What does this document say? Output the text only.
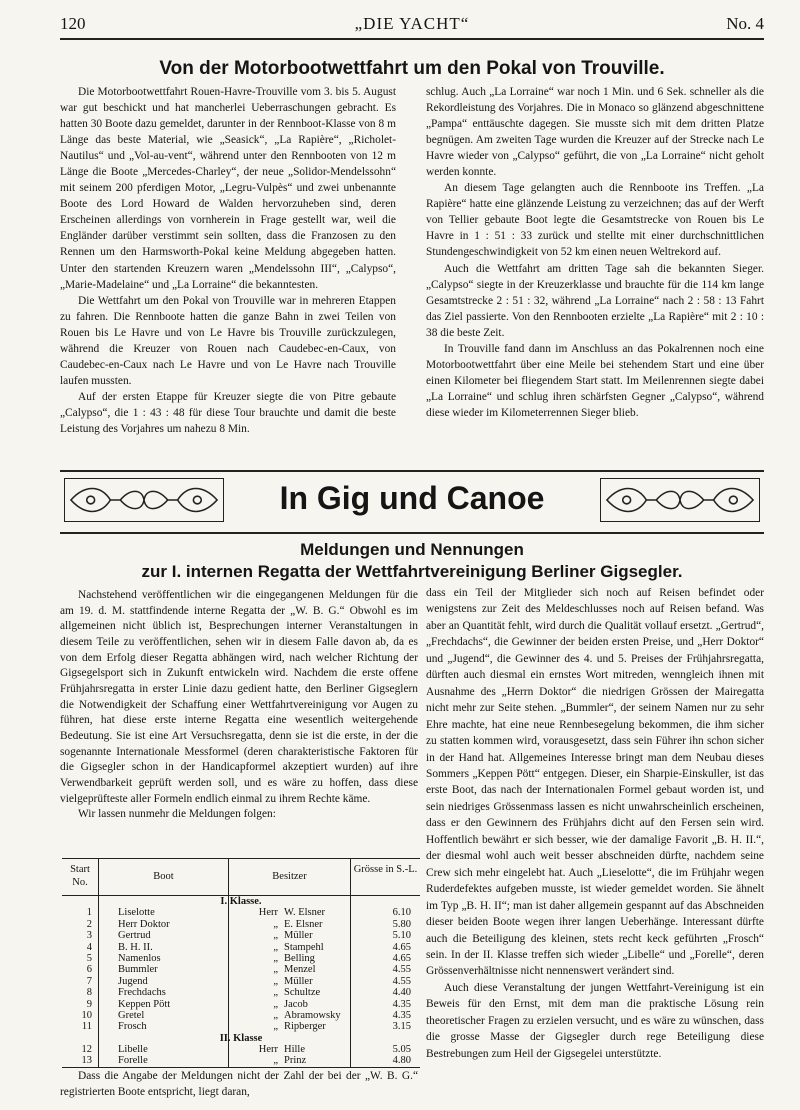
120	„DIE YACHT“	No. 4
Von der Motorbootwettfahrt um den Pokal von Trouville.

Die Motorbootwettfahrt Rouen-Havre-Trouville vom 3. bis 5. August war gut beschickt und hat mancherlei Ueberraschungen gebracht. Es hatten 30 Boote dazu gemeldet, darunter in der Rennboot-Klasse von 8 m Länge das beste Material, wie „Seasick“, „La Rapière“, „Richolet-Nautilus“ und „Vol-au-vent“, während unter den Rennbooten von 12 m Länge die Boote „Mercedes-Charley“, der neue „Solidor-Mendelssohn“ mit seinem 200 pferdigen Motor, „Legru-Vulpès“ und zwei unbenannte Boote des Lord Howard de Walden hervorzuheben sind, deren Erscheinen allerdings von vornherein in Frage gestellt war, weil die Engländer darüber verstimmt sein sollten, dass die Franzosen zu den Rennen um den Harmsworth-Pokal keine Meldung abgegeben hatten. Unter den startenden Kreuzern waren „Mendelssohn III“, „Calypso“, „Marie-Madelaine“ und „La Lorraine“ die bekanntesten.

Die Wettfahrt um den Pokal von Trouville war in mehreren Etappen zu fahren. Die Rennboote hatten die ganze Bahn in zwei Teilen von Rouen bis Le Havre und von Le Havre bis Trouville zurückzulegen, während die Kreuzer von Rouen nach Caudebec-en-Caux, von Caudebec-en-Caux nach Le Havre und von Le Havre nach Trouville laufen mussten.

Auf der ersten Etappe für Kreuzer siegte die von Pitre gebaute „Calypso“, die 1 : 43 : 48 für diese Tour brauchte und damit die beste Leistung des Vorjahres um nahezu 8 Min.

schlug. Auch „La Lorraine“ war noch 1 Min. und 6 Sek. schneller als die Rekordleistung des Vorjahres. Die in Monaco so glänzend abgeschnittene „Pampa“ enttäuschte dagegen. Sie musste sich mit dem dritten Platze begnügen. Am zweiten Tage wurden die Kreuzer auf der Strecke nach Le Havre wieder von „Calypso“ geführt, die von „La Lorraine“ nicht geholt werden konnte.

An diesem Tage gelangten auch die Rennboote ins Treffen. „La Rapière“ hatte eine glänzende Leistung zu verzeichnen; das auf der Werft von Tellier gebaute Boot legte die Gesamtstrecke von Rouen bis Le Havre in 1 : 51 : 33 zurück und stellte mit einer durchschnittlichen Stundengeschwindigkeit von 52 km einen neuen Weltrekord auf.

Auch die Wettfahrt am dritten Tage sah die bekannten Sieger. „Calypso“ siegte in der Kreuzerklasse und brauchte für die 114 km lange Gesamtstrecke 2 : 51 : 32, während „La Lorraine“ nach 2 : 58 : 13 Fahrt das Ziel passierte. Von den Rennbooten erzielte „La Rapière“ mit 2 : 10 : 38 die beste Zeit.

In Trouville fand dann im Anschluss an das Pokalrennen noch eine Motorbootwettfahrt über eine Meile bei stehendem Start und eine über einen Kilometer bei fliegendem Start statt. Im Meilenrennen siegte dabei „La Lorraine“ und schlug ihren schärfsten Gegner „Calypso“, während diese wieder im Kilometerrennen Sieger blieb.

In Gig und Canoe
Meldungen und Nennungen
zur I. internen Regatta der Wettfahrtvereinigung Berliner Gigsegler.

Nachstehend veröffentlichen wir die eingegangenen Meldungen für die am 19. d. M. stattfindende interne Regatta der „W. B. G.“ Obwohl es im allgemeinen nicht üblich ist, Besprechungen interner Veranstaltungen in diesem Teile zu veröffentlichen, sehen wir in diesem Falle davon ab, da es von dem Erfolg dieser Regatta abhängen wird, nach welcher Richtung der Gigsegelsport sich in Zukunft entwickeln wird. Nachdem die erste offene Frühjahrsregatta in erster Linie dazu gedient hatte, den Berliner Gigseglern die Notwendigkeit der Schaffung einer Wettfahrtvereinigung vor Augen zu führen, hat diese erste interne Regatta eine wesentlich weitergehende Bedeutung. Sie ist eine Art Versuchsregatta, denn sie ist die erste, in der die sogenannte Internationale Messformel (deren charakteristische Faktoren für die Gigsegler schon in der Handicapformel akzeptiert wurden) auf ihre Verwendbarkeit geprüft werden soll, und es wäre zu hoffen, dass diese vielgeprüfteste aller Formeln endlich einmal zu ihrem Rechte käme.

Wir lassen nunmehr die Meldungen folgen:

Start No.
Boot	Besitzer
Grösse in S.-L.
I. Klasse.
1 Liselotte	Herr W. Elsner	6.10
2 Herr Doktor	„ E. Elsner	5.80
3 Gertrud	„ Müller	5.10
4 B. H. II.	„ Stampehl	4.65
5 Namenlos	„ Belling	4.65
6 Bummler	„ Menzel	4.55
7 Jugend	„ Müller	4.55
8 Frechdachs	„ Schultze	4.40
9 Keppen Pött	„ Jacob	4.35
10 Gretel	„ Abramowsky	4.35
11 Frosch	„ Ripberger	3.15
II. Klasse
12 Libelle	Herr Hille	5.05
13 Forelle	„ Prinz	4.80

Dass die Angabe der Meldungen nicht der Zahl der bei der „W. B. G.“ registrierten Boote entspricht, liegt daran,

dass ein Teil der Mitglieder sich noch auf Reisen befindet oder wenigstens zur Zeit des Meldeschlusses noch auf Reisen befand. Was aber an Quantität fehlt, wird durch die Qualität vollauf ersetzt. „Gertrud“, „Frechdachs“, die Gewinner der beiden ersten Preise, und „Herr Doktor“ und „Jugend“, die Gewinner des 4. und 5. Preises der Frühjahrsregatta, dürften auch diesmal ein ernstes Wort mitreden, wenngleich ihnen mit Ausnahme des „Herrn Doktor“ die niedrigen Grössen der Mairegatta nicht mehr zur Seite stehen. „Bummler“, der seinem Namen nur zu sehr Ehre machte, hat eine neue Rennbesegelung bekommen, die ihm sicher zu statten kommen wird, vorausgesetzt, dass sein Führer ihn schon sicher in der Hand hat. Allgemeines Interesse bringt man dem Neubau dieses Sommers „Keppen Pött“ entgegen. Dieser, ein Sharpie-Einskuller, ist das erste Boot, das nach der Internationalen Formel gebaut worden ist, und sein niedriges Grössenmass lassen es nicht unwahrscheinlich erscheinen, dass er den Gewinnern des Frühjahrs dicht auf den Fersen sein wird. Hoffentlich bewährt er sich besser, wie der damalige Favorit „B. H. II.“, der diesmal wohl auch weit besser abschneiden dürfte, nachdem seine Crew sich mehr eingelebt hat. Auch „Lieselotte“, die im Frühjahr wegen Ruderdefektes aufgeben musste, ist wieder gemeldet worden. Sie ähnelt im Typ „B. H. II“; man ist daher allgemein gespannt auf das Abschneiden dieser beiden Boote wegen ihrer langen Ueberhänge. Interessant dürfte auch die Beteiligung des kleinen, stets recht keck geführten „Frosch“ sein. In der II. Klasse treffen sich wieder „Libelle“ und „Forelle“, deren Grössenverhältnisse nicht nennenswert verändert sind.

Auch diese Veranstaltung der jungen Wettfahrt-Vereinigung ist ein Beweis für den Ernst, mit dem man die praktische Lösung rein theoretischer Fragen zu erzielen versucht, und es wäre zu wünschen, dass die grosse Masse der Gigsegler durch rege Beteiligung diese Bestrebungen zum Heil der Gigsegelei unterstützte.
